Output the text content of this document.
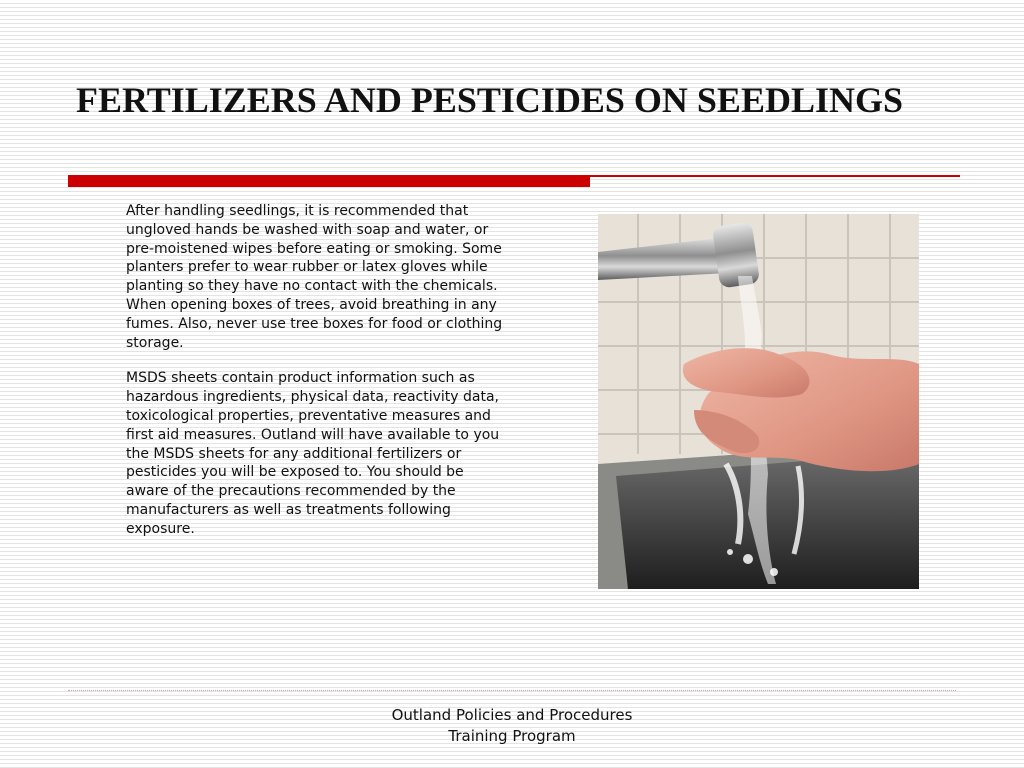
FERTILIZERS AND PESTICIDES ON SEEDLINGS

After handling seedlings, it is recommended that ungloved hands be washed with soap and water, or pre-moistened wipes before eating or smoking. Some planters prefer to wear rubber or latex gloves while planting so they have no contact with the chemicals. When opening boxes of trees, avoid breathing in any fumes. Also, never use tree boxes for food or clothing storage.

MSDS sheets contain product information such as hazardous ingredients, physical data, reactivity data, toxicological properties, preventative measures and first aid measures. Outland will have available to you the MSDS sheets for any additional fertilizers or pesticides you will be exposed to. You should be aware of the precautions recommended by the manufacturers as well as treatments following exposure.

Outland Policies and Procedures
Training Program
